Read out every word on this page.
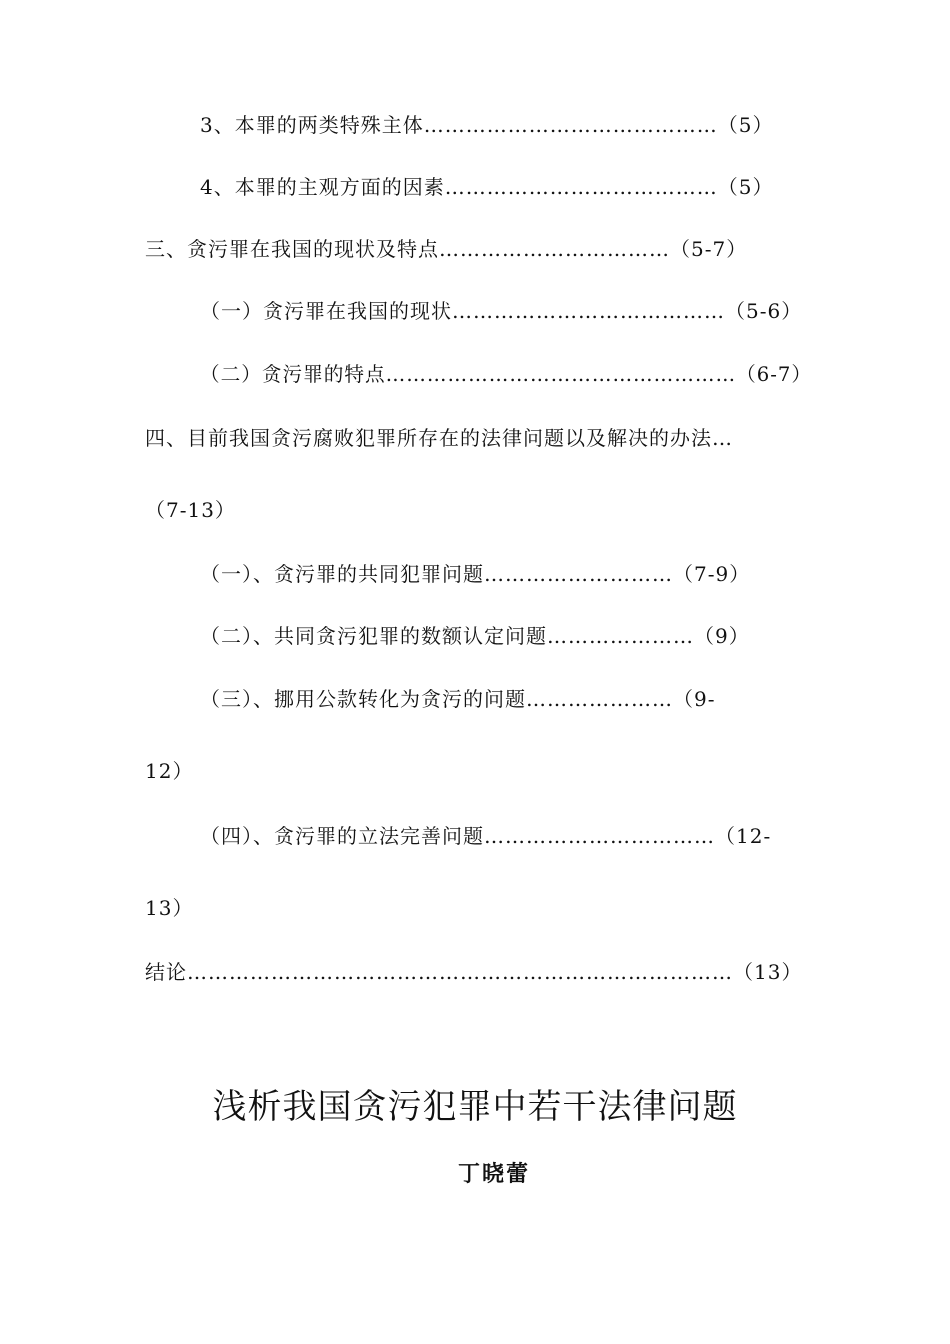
3、本罪的两类特殊主体……………………………………（5）
4、本罪的主观方面的因素…………………………………（5）
三、贪污罪在我国的现状及特点……………………………（5-7）
（一）贪污罪在我国的现状…………………………………（5-6）
（二）贪污罪的特点……………………………………………（6-7）
四、目前我国贪污腐败犯罪所存在的法律问题以及解决的办法…
（7-13）
（一）、贪污罪的共同犯罪问题………………………（7-9）
（二）、共同贪污犯罪的数额认定问题…………………（9）
（三）、挪用公款转化为贪污的问题…………………（9-
12）
（四）、贪污罪的立法完善问题……………………………（12-
13）
结论……………………………………………………………………（13）
浅析我国贪污犯罪中若干法律问题
丁晓蕾
